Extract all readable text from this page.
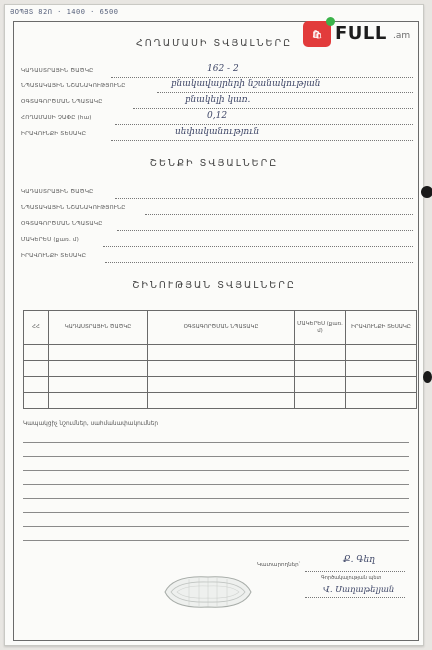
ՅՕՊՅՏ 82Ո · 1400 · 6500
🛍 FULL .am
ՀՈՂԱՄԱՍԻ ՏՎՅԱԼՆԵՐԸ
ԿԱԴԱՍՏՐԱՅԻՆ ԾԱԾԿԸ	162 - 2
ՆՊԱՏԱԿԱՅԻՆ ՆՇԱՆԱԿՈՒԹՅՈՒՆԸ	բնակավայրերի նշանակության
ՕԳՏԱԳՈՐԾՄԱՆ ՆՊԱՏԱԿԸ	բնակելի կառ.
ՀՈՂԱՄԱՍԻ ՉԱՓԸ (հա)	0,12
ԻՐԱՎՈՒՆՔԻ ՏԵՍԱԿԸ	սեփականություն
ՇԵՆՔԻ ՏՎՅԱԼՆԵՐԸ
ԿԱԴԱՍՏՐԱՅԻՆ ԾԱԾԿԸ
ՆՊԱՏԱԿԱՅԻՆ ՆՇԱՆԱԿՈՒԹՅՈՒՆԸ
ՕԳՏԱԳՈՐԾՄԱՆ ՆՊԱՏԱԿԸ
ՄԱԿԵՐԵՍ (քառ. մ)
ԻՐԱՎՈՒՆՔԻ ՏԵՍԱԿԸ
ՇԻՆՈՒԹՅԱՆ ՏՎՅԱԼՆԵՐԸ
ՀՀ	ԿԱԴԱՍՏՐԱՅԻՆ ԾԱԾԿԸ	ՕԳՏԱԳՈՐԾՄԱՆ ՆՊԱՏԱԿԸ	ՄԱԿԵՐԵՍ (քառ. մ)	ԻՐԱՎՈՒՆՔԻ ՏԵՍԱԿԸ

Կապակցիչ նշումներ, սահմանափակումներ
Կատարողներ՝	Ք. Գեղ
Գործակալության պետ
Վ. Սաղաթելյան
